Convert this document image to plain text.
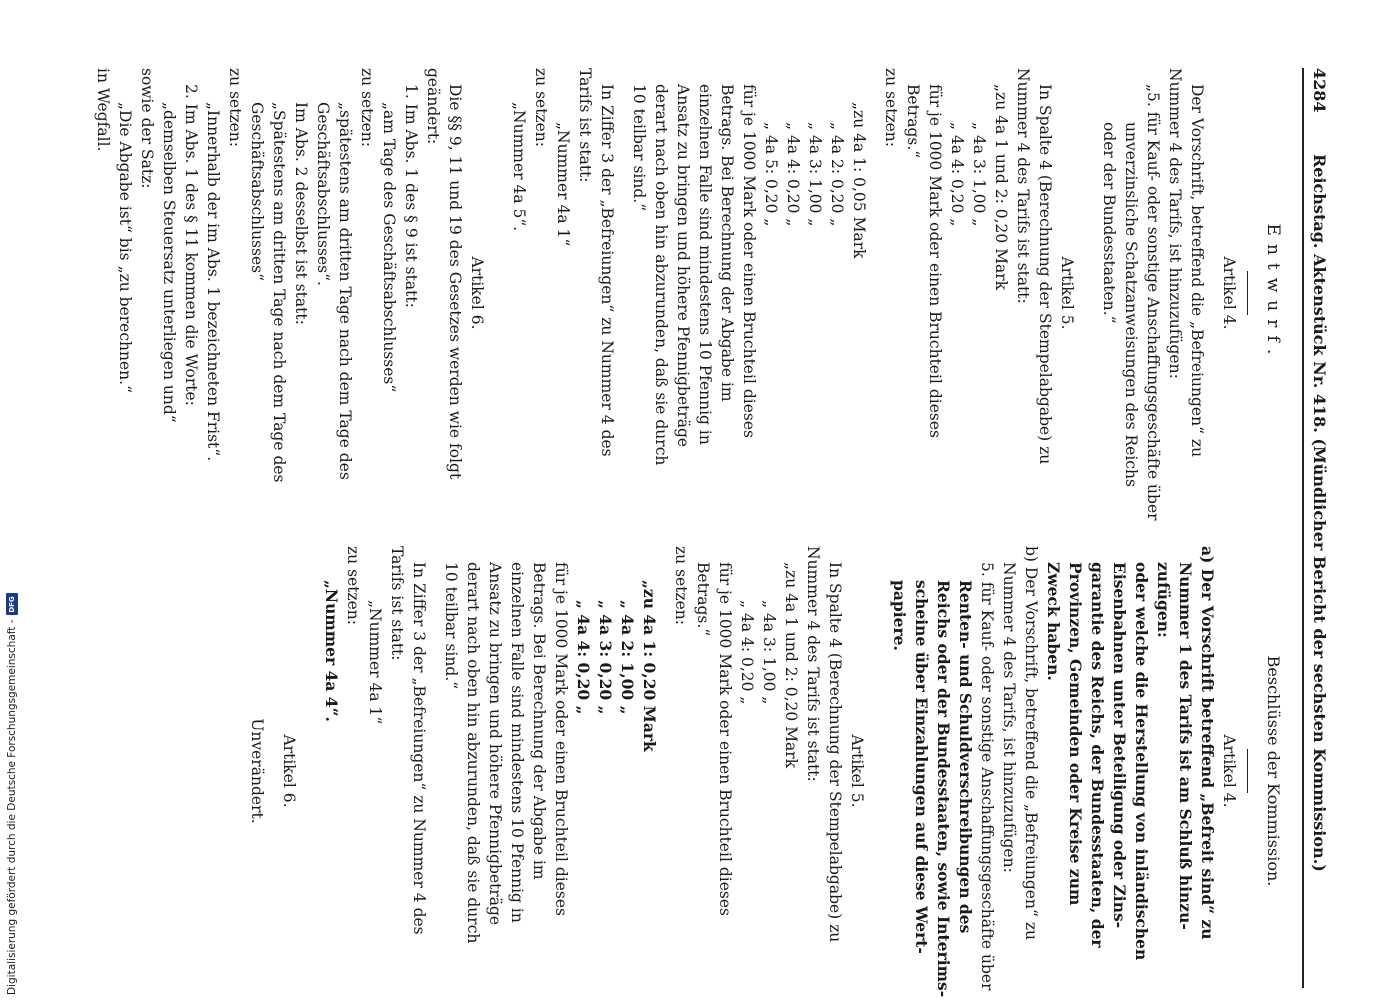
4284
Reichstag. Aktenstück Nr. 418. (Mündlicher Bericht der sechsten Kommission.)
Entwurf.
Artikel 4.

Der Vorschrift, betreffend die „Befreiungen“ zu

Nummer 4 des Tarifs, ist hinzuzufügen:

„5. für Kauf- oder sonstige Anschaffungsgeschäfte über

unverzinsliche Schatzanweisungen des Reichs

oder der Bundesstaaten.“

Artikel 5.

In Spalte 4 (Berechnung der Stempelabgabe) zu

Nummer 4 des Tarifs ist statt:

„zu 4a 1 und 2: 0,20 Mark

„ 4a 3: 1,00 „

„ 4a 4: 0,20 „

für je 1000 Mark oder einen Bruchteil dieses

Betrags.“

zu setzen:

„zu 4a 1: 0,05 Mark

„ 4a 2: 0,20 „

„ 4a 3: 1,00 „

„ 4a 4: 0,20 „

„ 4a 5: 0,20 „

für je 1000 Mark oder einen Bruchteil dieses

Betrags. Bei Berechnung der Abgabe im

einzelnen Falle sind mindestens 10 Pfennig in

Ansatz zu bringen und höhere Pfennigbeträge

derart nach oben hin abzurunden, daß sie durch

10 teilbar sind.“

In Ziffer 3 der „Befreiungen“ zu Nummer 4 des

Tarifs ist statt:

„Nummer 4a 1“

zu setzen:

„Nummer 4a 5“.

Artikel 6.

Die §§ 9, 11 und 19 des Gesetzes werden wie folgt

geändert:

1. Im Abs. 1 des § 9 ist statt:

„am Tage des Geschäftsabschlusses“

zu setzen:

„spätestens am dritten Tage nach dem Tage des

Geschäftsabschlusses“.

Im Abs. 2 desselbst ist statt:

„Spätestens am dritten Tage nach dem Tage des

Geschäftsabschlusses“

zu setzen:

„Innerhalb der im Abs. 1 bezeichneten Frist“.

2. Im Abs. 1 des § 11 kommen die Worte:

„demselben Steuersatz unterliegen und“

sowie der Satz:

„Die Abgabe ist“ bis „zu berechnen.“

in Wegfall.

Beschlüsse der Kommission.
Artikel 4.

a) Der Vorschrift betreffend „Befreit sind“ zu

Nummer 1 des Tarifs ist am Schluß hinzu-

zufügen:

oder welche die Herstellung von inländischen

Eisenbahnen unter Beteiligung oder Zins-

garantie des Reichs, der Bundesstaaten, der

Provinzen, Gemeinden oder Kreise zum

Zweck haben.

b) Der Vorschrift, betreffend die „Befreiungen“ zu

Nummer 4 des Tarifs, ist hinzuzufügen:

5. für Kauf- oder sonstige Anschaffungsgeschäfte über

Renten- und Schuldverschreibungen des

Reichs oder der Bundesstaaten, sowie Interims-

scheine über Einzahlungen auf diese Wert-

papiere.

Artikel 5.

In Spalte 4 (Berechnung der Stempelabgabe) zu

Nummer 4 des Tarifs ist statt:

„zu 4a 1 und 2: 0,20 Mark

„ 4a 3: 1,00 „

„ 4a 4: 0,20 „

für je 1000 Mark oder einen Bruchteil dieses

Betrags.“

zu setzen:

„zu 4a 1: 0,20 Mark

„ 4a 2: 1,00 „

„ 4a 3: 0,20 „

„ 4a 4: 0,20 „

für je 1000 Mark oder einen Bruchteil dieses

Betrags. Bei Berechnung der Abgabe im

einzelnen Falle sind mindestens 10 Pfennig in

Ansatz zu bringen und höhere Pfennigbeträge

derart nach oben hin abzurunden, daß sie durch

10 teilbar sind.“

In Ziffer 3 der „Befreiungen“ zu Nummer 4 des

Tarifs ist statt:

„Nummer 4a 1“

zu setzen:

„Nummer 4a 4“.

Artikel 6.
Unverändert.
Digitalisierung gefördert durch die Deutsche Forschungsgemeinschaft -
DFG
